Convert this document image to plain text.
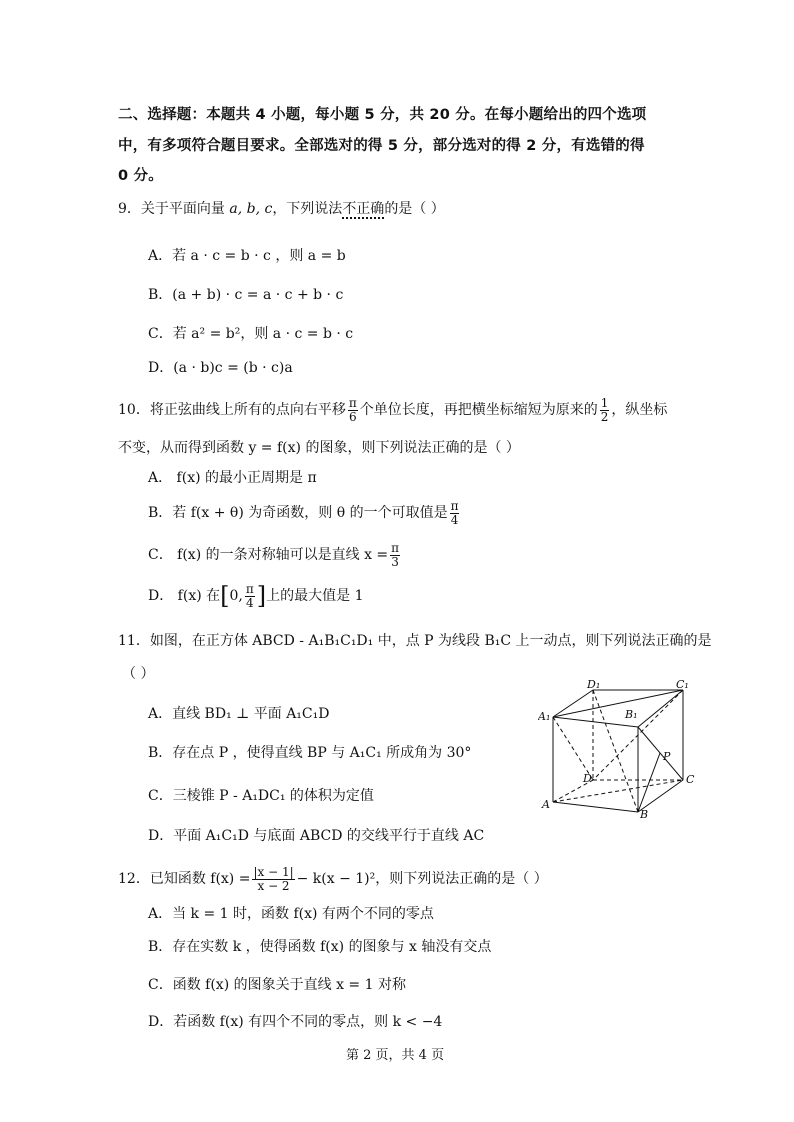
二、选择题：本题共 4 小题，每小题 5 分，共 20 分。在每小题给出的四个选项
中，有多项符合题目要求。全部选对的得 5 分，部分选对的得 2 分，有选错的得
0 分。
9．关于平面向量 a, b, c，下列说法不正确的是（ ）
A．若 a · c = b · c ，则 a = b
B．(a + b) · c = a · c + b · c
C．若 a² = b²，则 a · c = b · c
D．(a · b)c = (b · c)a
10．将正弦曲线上所有的点向右平移 $\frac{\pi}{6}$ 个单位长度，再把横坐标缩短为原来的 $\frac{1}{2}$ ，纵坐标
不变，从而得到函数 y = f(x) 的图象，则下列说法正确的是（ ）
A． f(x) 的最小正周期是 π
B．若 f(x + θ) 为奇函数，则 θ 的一个可取值是 $\frac{\pi}{4}$
C． f(x) 的一条对称轴可以是直线 $x = \frac{\pi}{3}$
D． f(x) 在[0, $\frac{\pi}{4}$ ]上的最大值是 1
11．如图，在正方体 ABCD - A₁B₁C₁D₁ 中，点 P 为线段 B₁C 上一动点，则下列说法正确的是
（ ）
A．直线 BD₁ ⊥ 平面 A₁C₁D
B．存在点 P ，使得直线 BP 与 A₁C₁ 所成角为 30°
C．三棱锥 P - A₁DC₁ 的体积为定值
D．平面 A₁C₁D 与底面 ABCD 的交线平行于直线 AC
D₁	C₁
A₁	B₁
P
D	C
A
B
12．已知函数 $f(x) = \frac{|x - 1|}{x - 2} - k(x - 1)^2$，则下列说法正确的是（ ）
A．当 k = 1 时，函数 f(x) 有两个不同的零点
B．存在实数 k ，使得函数 f(x) 的图象与 x 轴没有交点
C．函数 f(x) 的图象关于直线 x = 1 对称
D．若函数 f(x) 有四个不同的零点，则 k < −4
第 2 页，共 4 页
